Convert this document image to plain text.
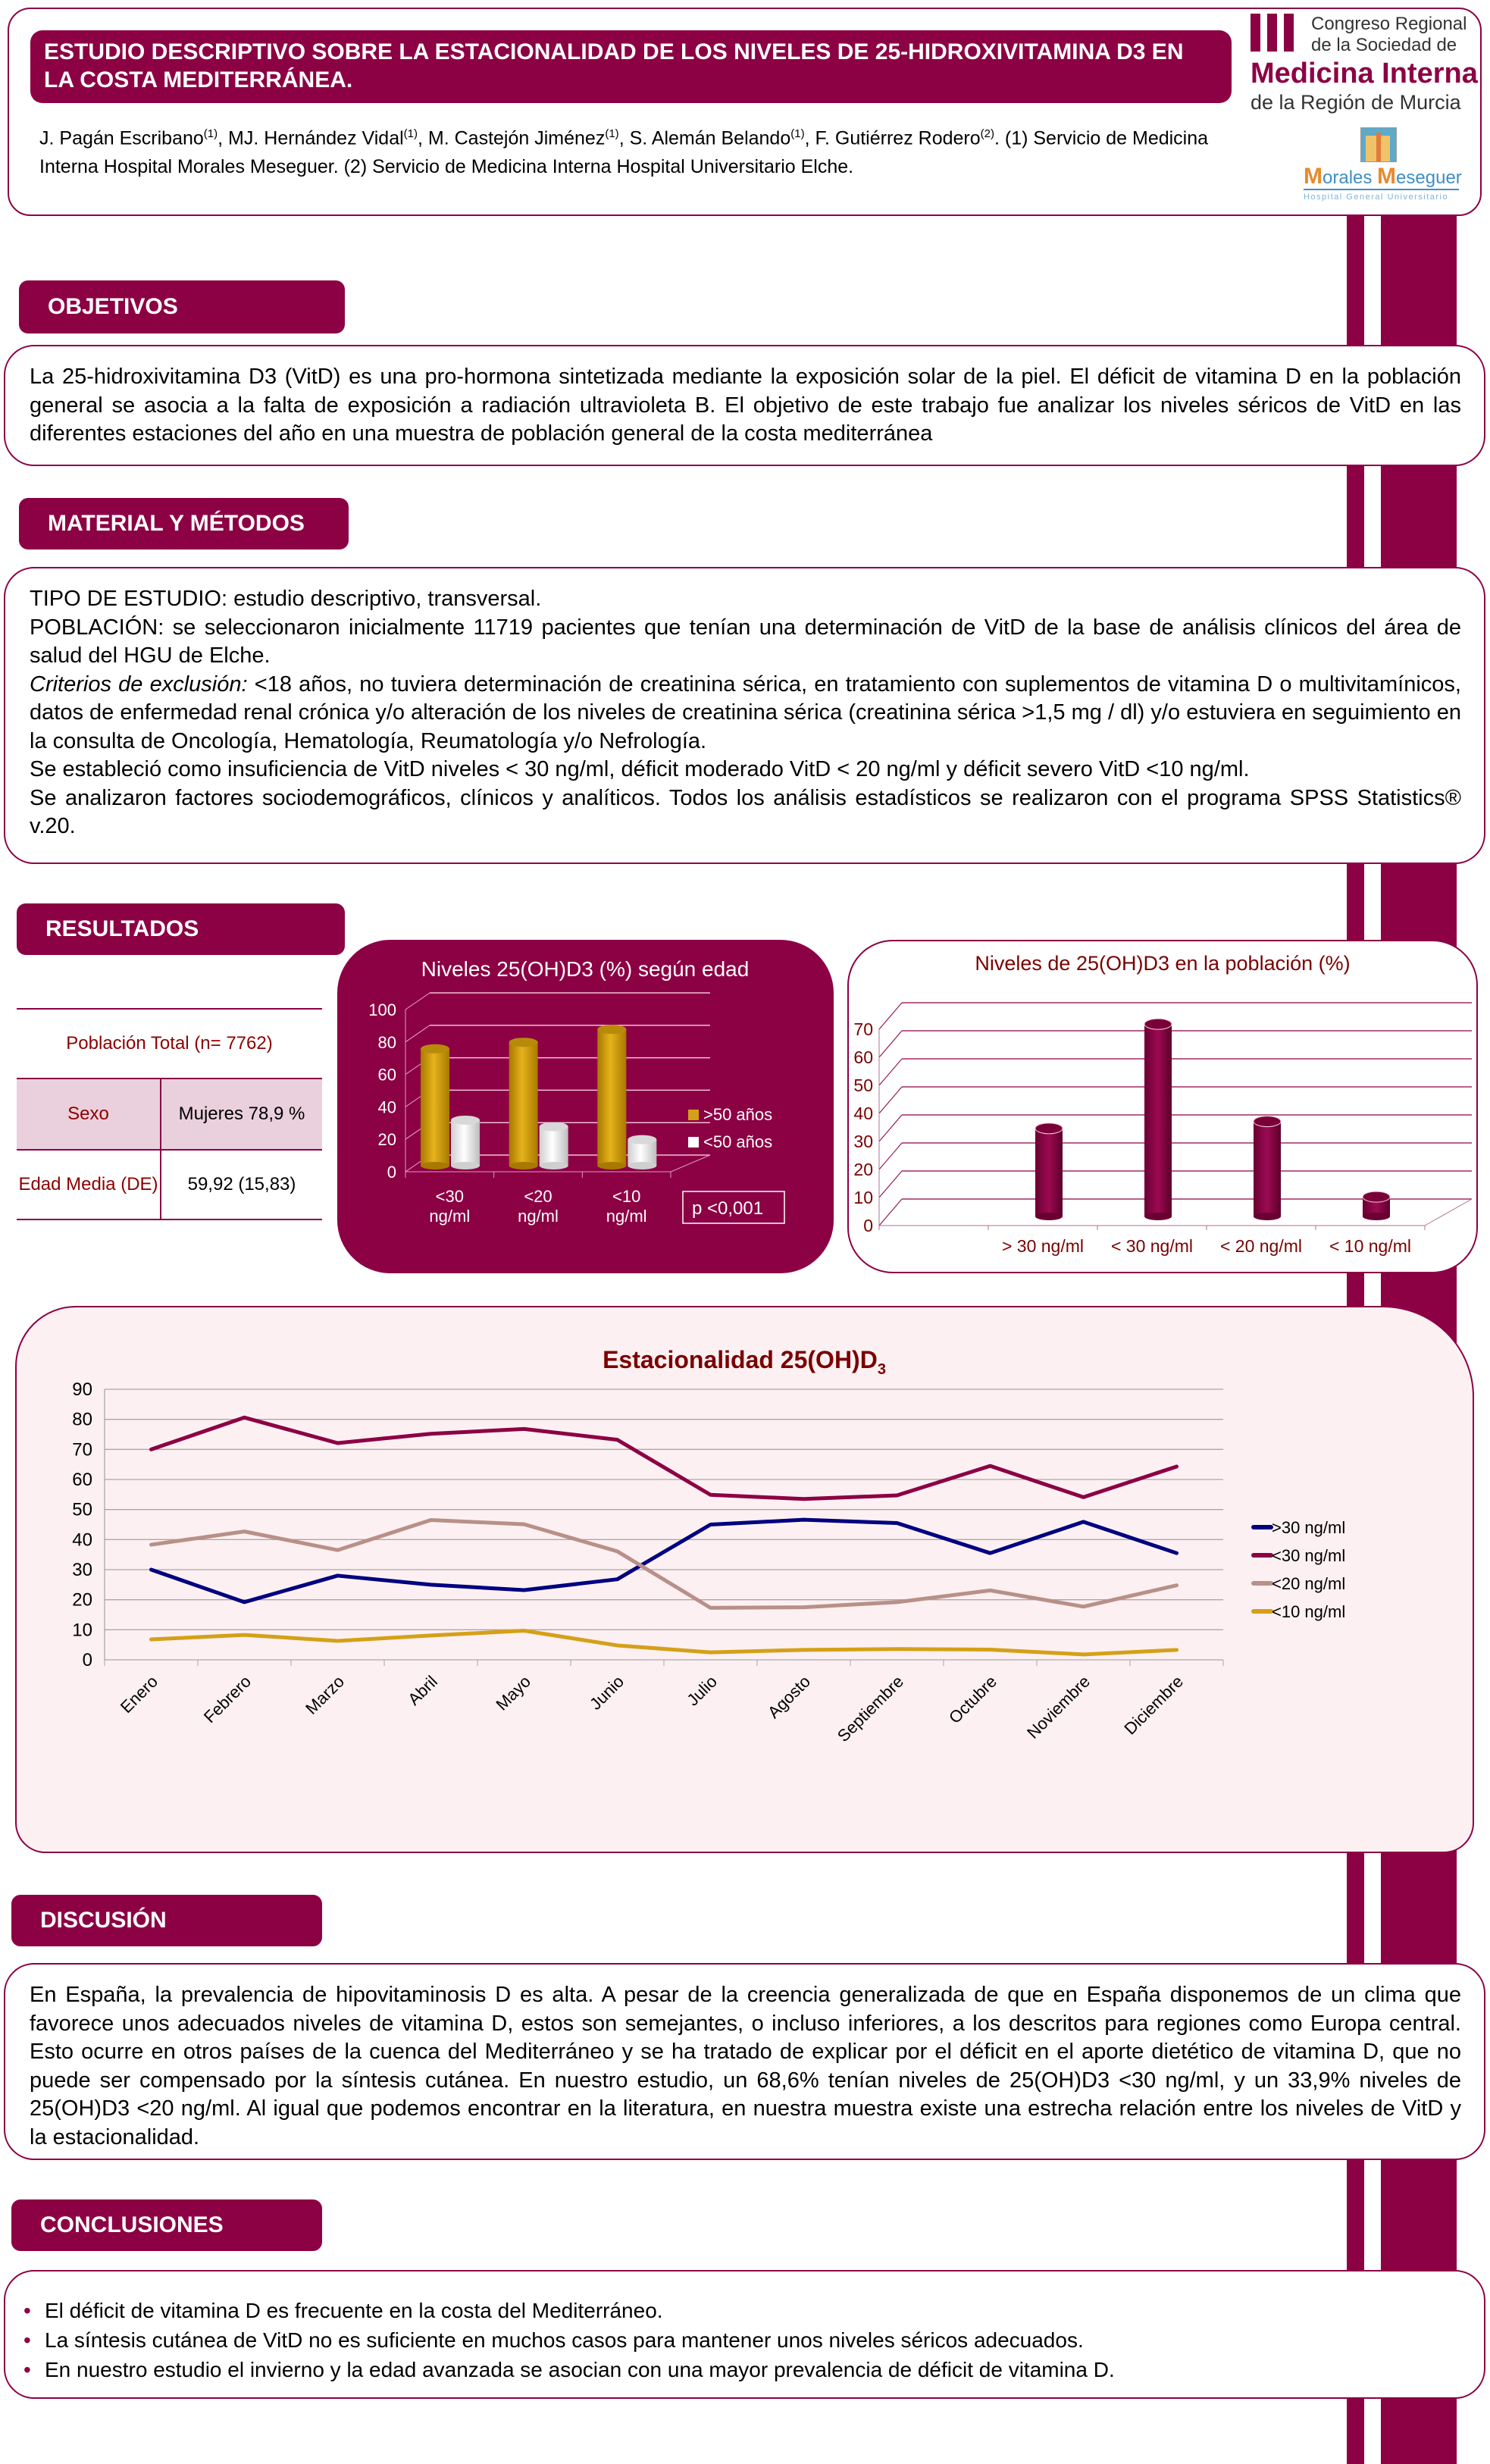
ESTUDIO DESCRIPTIVO SOBRE LA ESTACIONALIDAD DE LOS NIVELES DE 25-HIDROXIVITAMINA D3 EN LA COSTA MEDITERRÁNEA.
J. Pagán Escribano$^{(1)}$, MJ. Hernández Vidal$^{(1)}$, M. Castejón Jiménez$^{(1)}$, S. Alemán Belando$^{(1)}$, F. Gutiérrez Rodero$^{(2)}$. (1) Servicio de Medicina Interna Hospital Morales Meseguer. (2) Servicio de Medicina Interna Hospital Universitario Elche.
Congreso Regional
de la Sociedad de
Medicina Interna
de la Región de Murcia
Morales Meseguer
Hospital General Universitario
OBJETIVOS
La 25-hidroxivitamina D3 (VitD) es una pro-hormona sintetizada mediante la exposición solar de la piel. El déficit de vitamina D en la población general se asocia a la falta de exposición a radiación ultravioleta B. El objetivo de este trabajo fue analizar los niveles séricos de VitD en las diferentes estaciones del año en una muestra de población general de la costa mediterránea
MATERIAL Y MÉTODOS
TIPO DE ESTUDIO: estudio descriptivo, transversal.
POBLACIÓN: se seleccionaron inicialmente 11719 pacientes que tenían una determinación de VitD de la base de análisis clínicos del área de salud del HGU de Elche.
Criterios de exclusión: <18 años, no tuviera determinación de creatinina sérica, en tratamiento con suplementos de vitamina D o multivitamínicos, datos de enfermedad renal crónica y/o alteración de los niveles de creatinina sérica (creatinina sérica >1,5 mg / dl) y/o estuviera en seguimiento en la consulta de Oncología, Hematología, Reumatología y/o Nefrología.
Se estableció como insuficiencia de VitD niveles < 30 ng/ml, déficit moderado VitD < 20 ng/ml y déficit severo VitD <10 ng/ml.
Se analizaron factores sociodemográficos, clínicos y analíticos. Todos los análisis estadísticos se realizaron con el programa SPSS Statistics® v.20.
RESULTADOS
Población Total (n= 7762)	
Sexo	Mujeres 78,9 %
Edad Media (DE)	59,92 (15,83)
Niveles 25(OH)D3 (%) según edad
0
20
40
60
80
100
<30
ng/ml
<20
ng/ml
<10
ng/ml
>50 años
<50 años
p <0,001
Niveles de 25(OH)D3 en la población (%)
0
10
20
30
40
50
60
70
> 30 ng/ml < 30 ng/ml < 20 ng/ml < 10 ng/ml
Estacionalidad $25(OH)D_3$
0
10
20
30
40
50
60
70
80
90
Enero Febrero	Marzo	Abril	Mayo	Junio	Julio	Agosto Septiembre Octubre Noviembre Diciembre
>30 ng/ml
<30 ng/ml
<20 ng/ml
<10 ng/ml
DISCUSIÓN
En España, la prevalencia de hipovitaminosis D es alta. A pesar de la creencia generalizada de que en España disponemos de un clima que favorece unos adecuados niveles de vitamina D, estos son semejantes, o incluso inferiores, a los descritos para regiones como Europa central. Esto ocurre en otros países de la cuenca del Mediterráneo y se ha tratado de explicar por el déficit en el aporte dietético de vitamina D, que no puede ser compensado por la síntesis cutánea. En nuestro estudio, un 68,6% tenían niveles de 25(OH)D3 <30 ng/ml, y un 33,9% niveles de 25(OH)D3 <20 ng/ml. Al igual que podemos encontrar en la literatura, en nuestra muestra existe una estrecha relación entre los niveles de VitD y la estacionalidad.
CONCLUSIONES
• El déficit de vitamina D es frecuente en la costa del Mediterráneo.
• La síntesis cutánea de VitD no es suficiente en muchos casos para mantener unos niveles séricos adecuados.
• En nuestro estudio el invierno y la edad avanzada se asocian con una mayor prevalencia de déficit de vitamina D.
